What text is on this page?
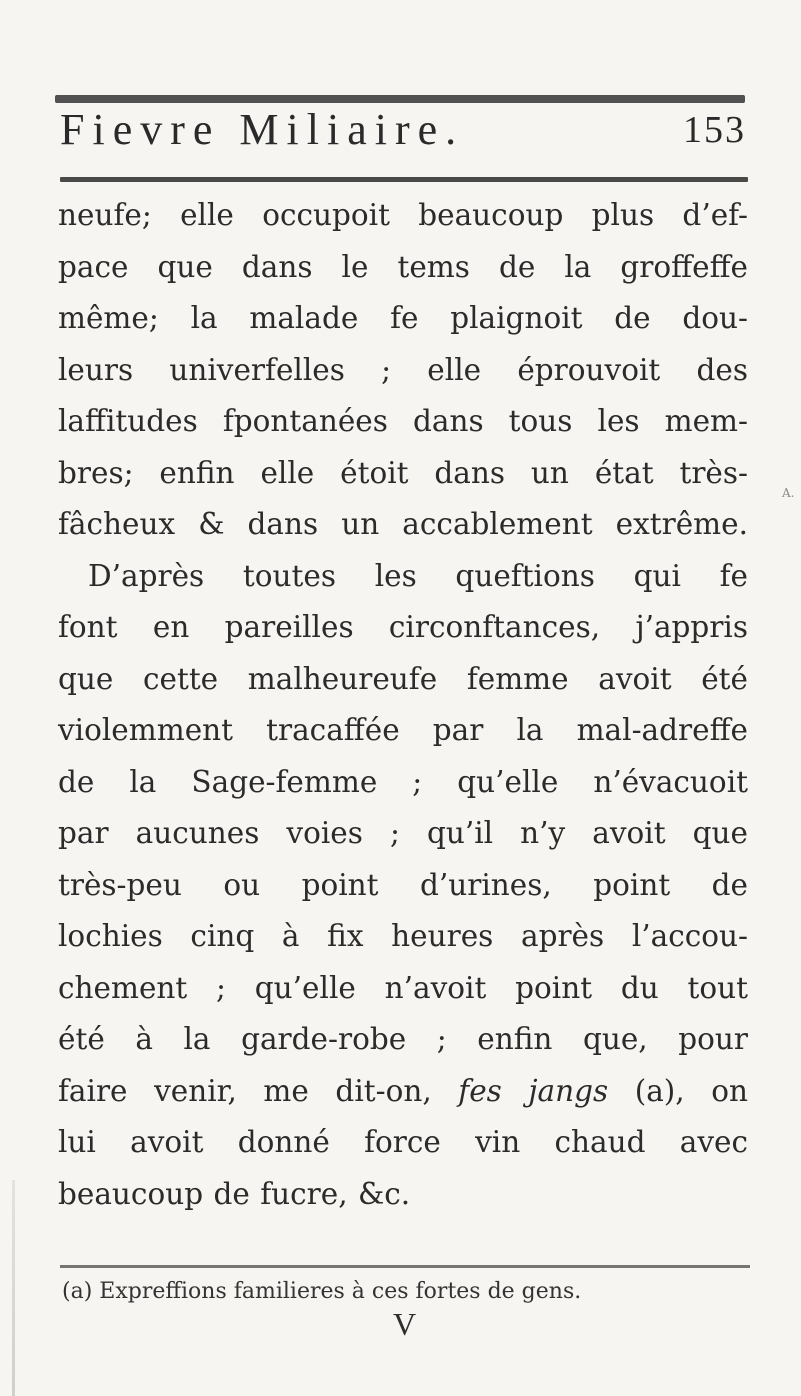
Fievre Miliaire.	153
neufe; elle occupoit beaucoup plus d’ef-
pace que dans le tems de la groffeffe
même; la malade fe plaignoit de dou-
leurs univerfelles ; elle éprouvoit des
laffitudes fpontanées dans tous les mem-
bres; enfin elle étoit dans un état très-
fâcheux & dans un accablement extrême.
D’après toutes les queftions qui fe
font en pareilles circonftances, j’appris
que cette malheureufe femme avoit été
violemment tracaffée par la mal-adreffe
de la Sage-femme ; qu’elle n’évacuoit
par aucunes voies ; qu’il n’y avoit que
très-peu ou point d’urines, point de
lochies cinq à fix heures après l’accou-
chement ; qu’elle n’avoit point du tout
été à la garde-robe ; enfin que, pour
faire venir, me dit-on, fes jangs (a), on
lui avoit donné force vin chaud avec
beaucoup de fucre, &c.
(a) Expreffions familieres à ces fortes de gens.
V
A.
